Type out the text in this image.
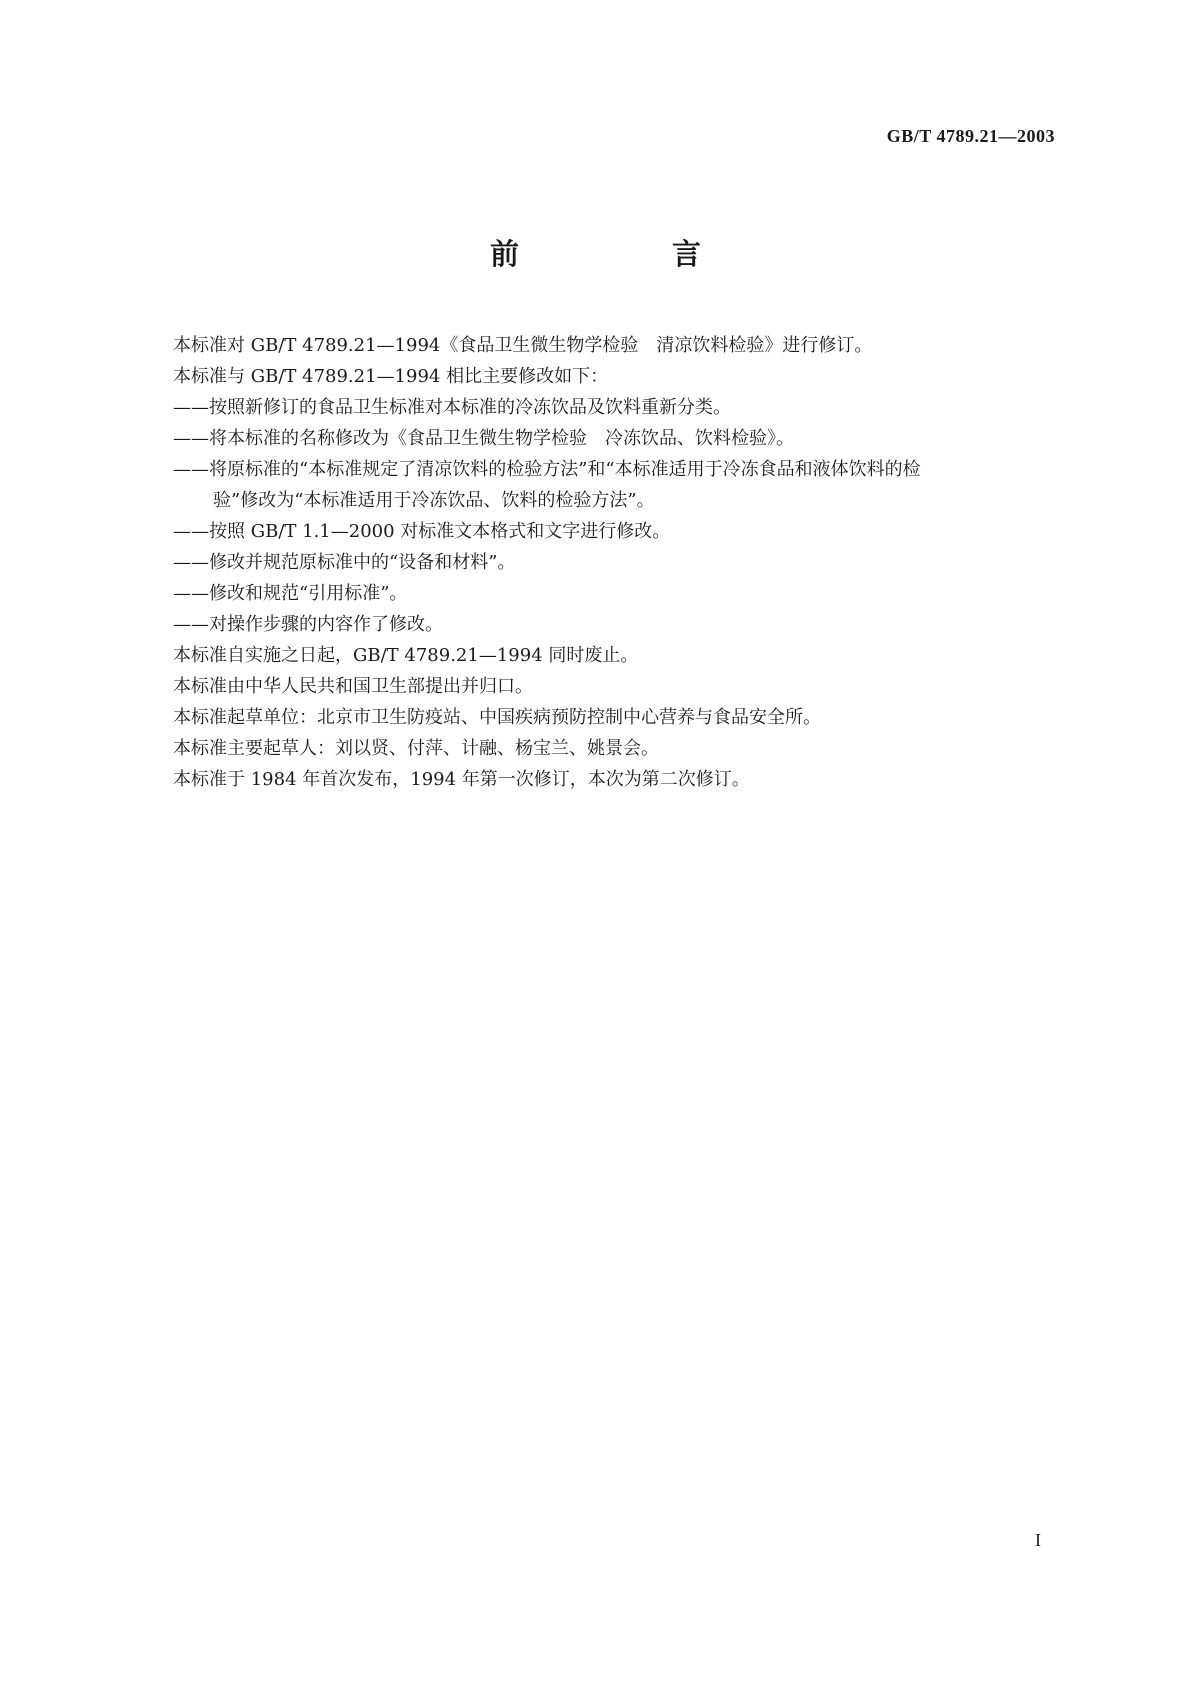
GB/T 4789.21—2003
前　言

本标准对 GB/T 4789.21—1994《食品卫生微生物学检验　清凉饮料检验》进行修订。

本标准与 GB/T 4789.21—1994 相比主要修改如下：

——按照新修订的食品卫生标准对本标准的冷冻饮品及饮料重新分类。

——将本标准的名称修改为《食品卫生微生物学检验　冷冻饮品、饮料检验》。

——将原标准的“本标准规定了清凉饮料的检验方法”和“本标准适用于冷冻食品和液体饮料的检

验”修改为“本标准适用于冷冻饮品、饮料的检验方法”。

——按照 GB/T 1.1—2000 对标准文本格式和文字进行修改。

——修改并规范原标准中的“设备和材料”。

——修改和规范“引用标准”。

——对操作步骤的内容作了修改。

本标准自实施之日起，GB/T 4789.21—1994 同时废止。

本标准由中华人民共和国卫生部提出并归口。

本标准起草单位：北京市卫生防疫站、中国疾病预防控制中心营养与食品安全所。

本标准主要起草人：刘以贤、付萍、计融、杨宝兰、姚景会。

本标准于 1984 年首次发布，1994 年第一次修订，本次为第二次修订。

I
